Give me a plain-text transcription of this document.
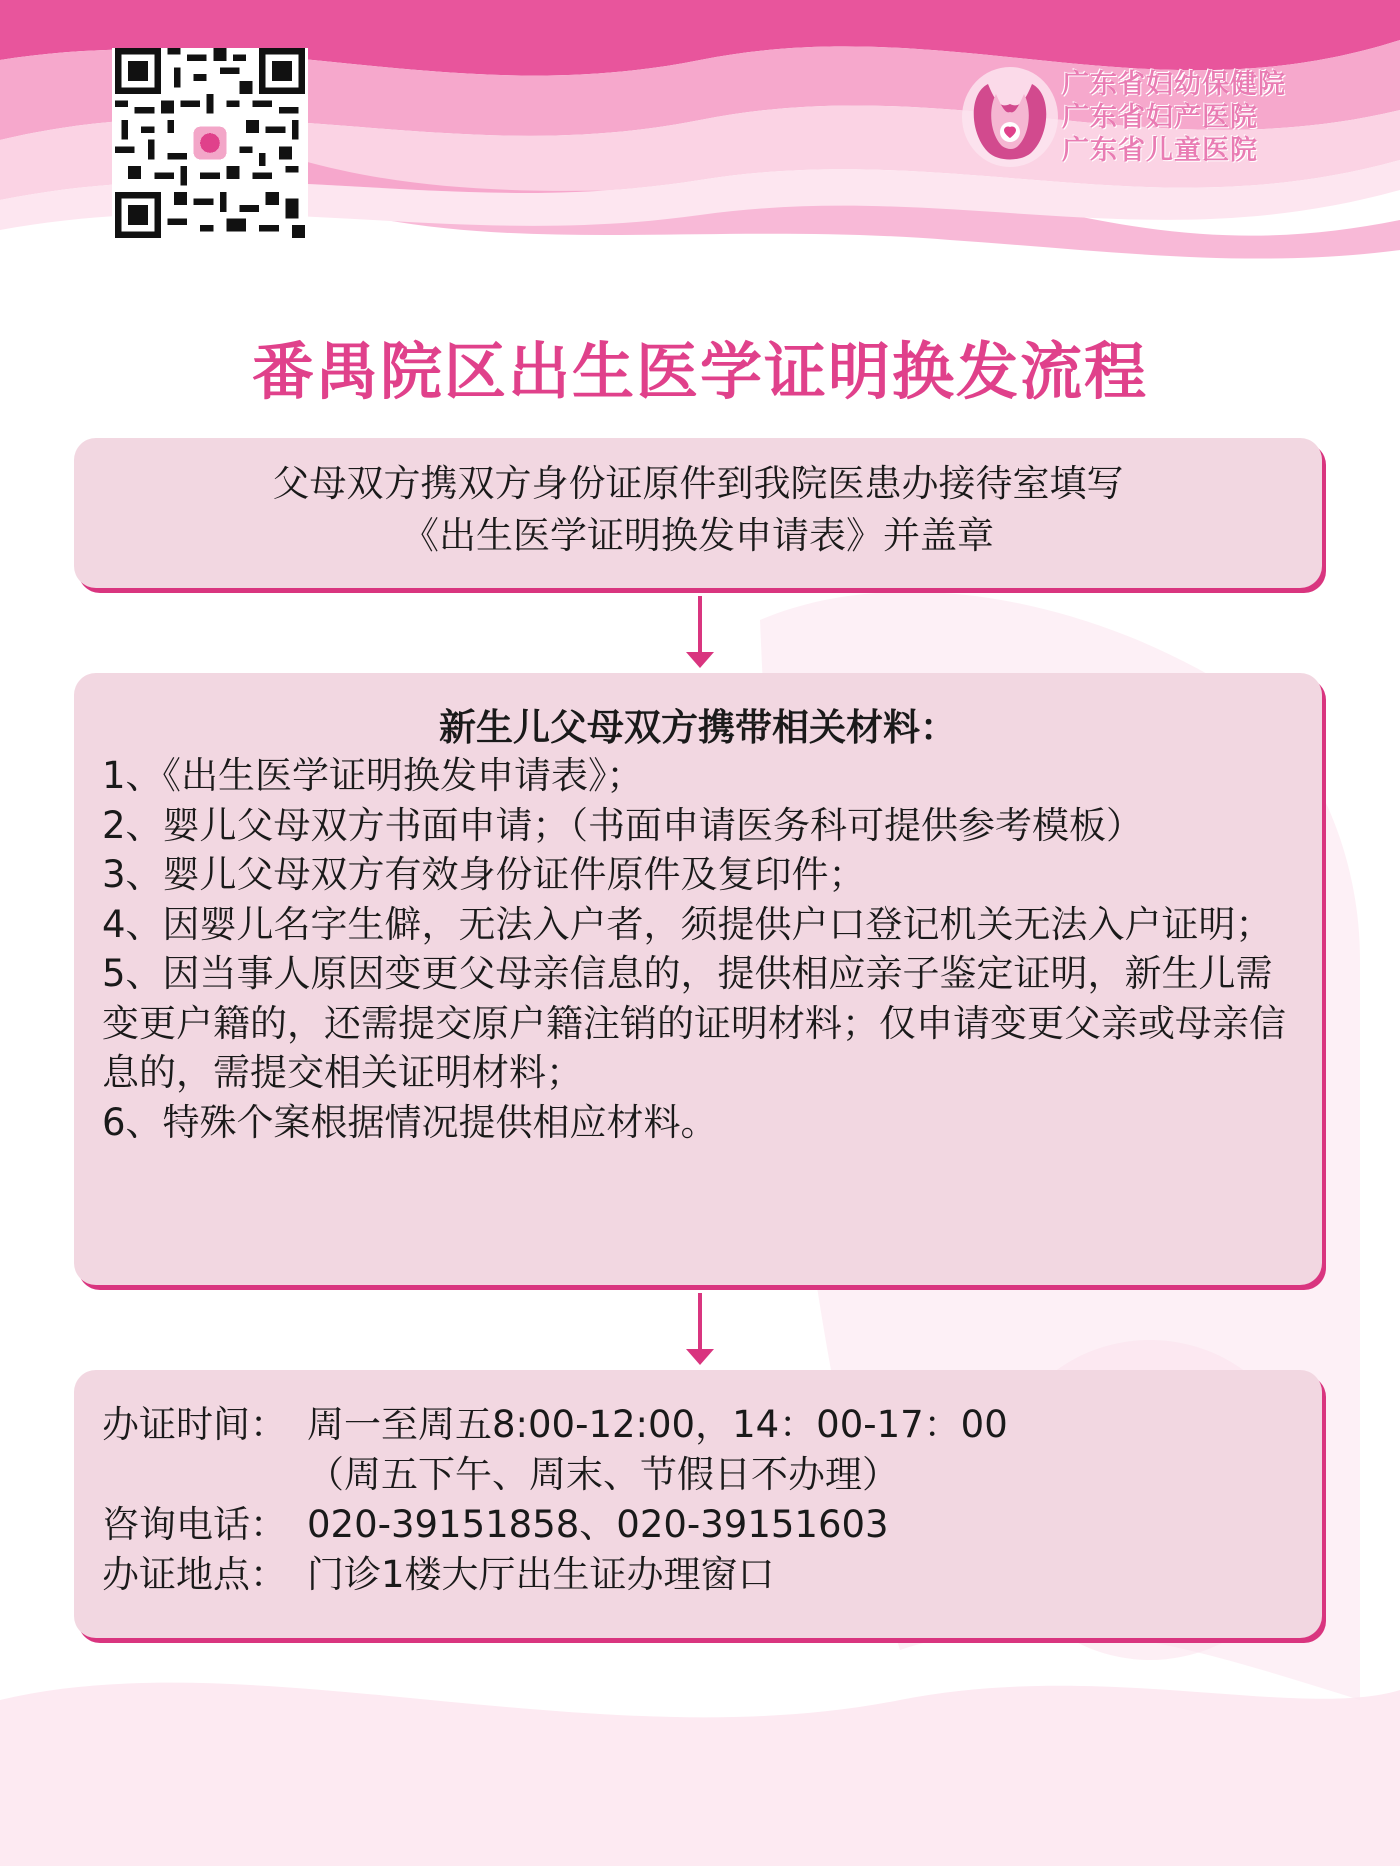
广东省妇幼保健院
广东省妇产医院
广东省儿童医院
番禺院区出生医学证明换发流程
父母双方携双方身份证原件到我院医患办接待室填写
《出生医学证明换发申请表》并盖章
新生儿父母双方携带相关材料：

1、《出生医学证明换发申请表》；

2、婴儿父母双方书面申请；（书面申请医务科可提供参考模板）

3、婴儿父母双方有效身份证件原件及复印件；

4、因婴儿名字生僻，无法入户者，须提供户口登记机关无法入户证明；

5、因当事人原因变更父母亲信息的，提供相应亲子鉴定证明，新生儿需变更户籍的，还需提交原户籍注销的证明材料；仅申请变更父亲或母亲信息的，需提交相关证明材料；

6、特殊个案根据情况提供相应材料。

办证时间： 周一至周五8:00-12:00，14：00-17：00
（周五下午、周末、节假日不办理）
咨询电话： 020-39151858、020-39151603
办证地点： 门诊1楼大厅出生证办理窗口
